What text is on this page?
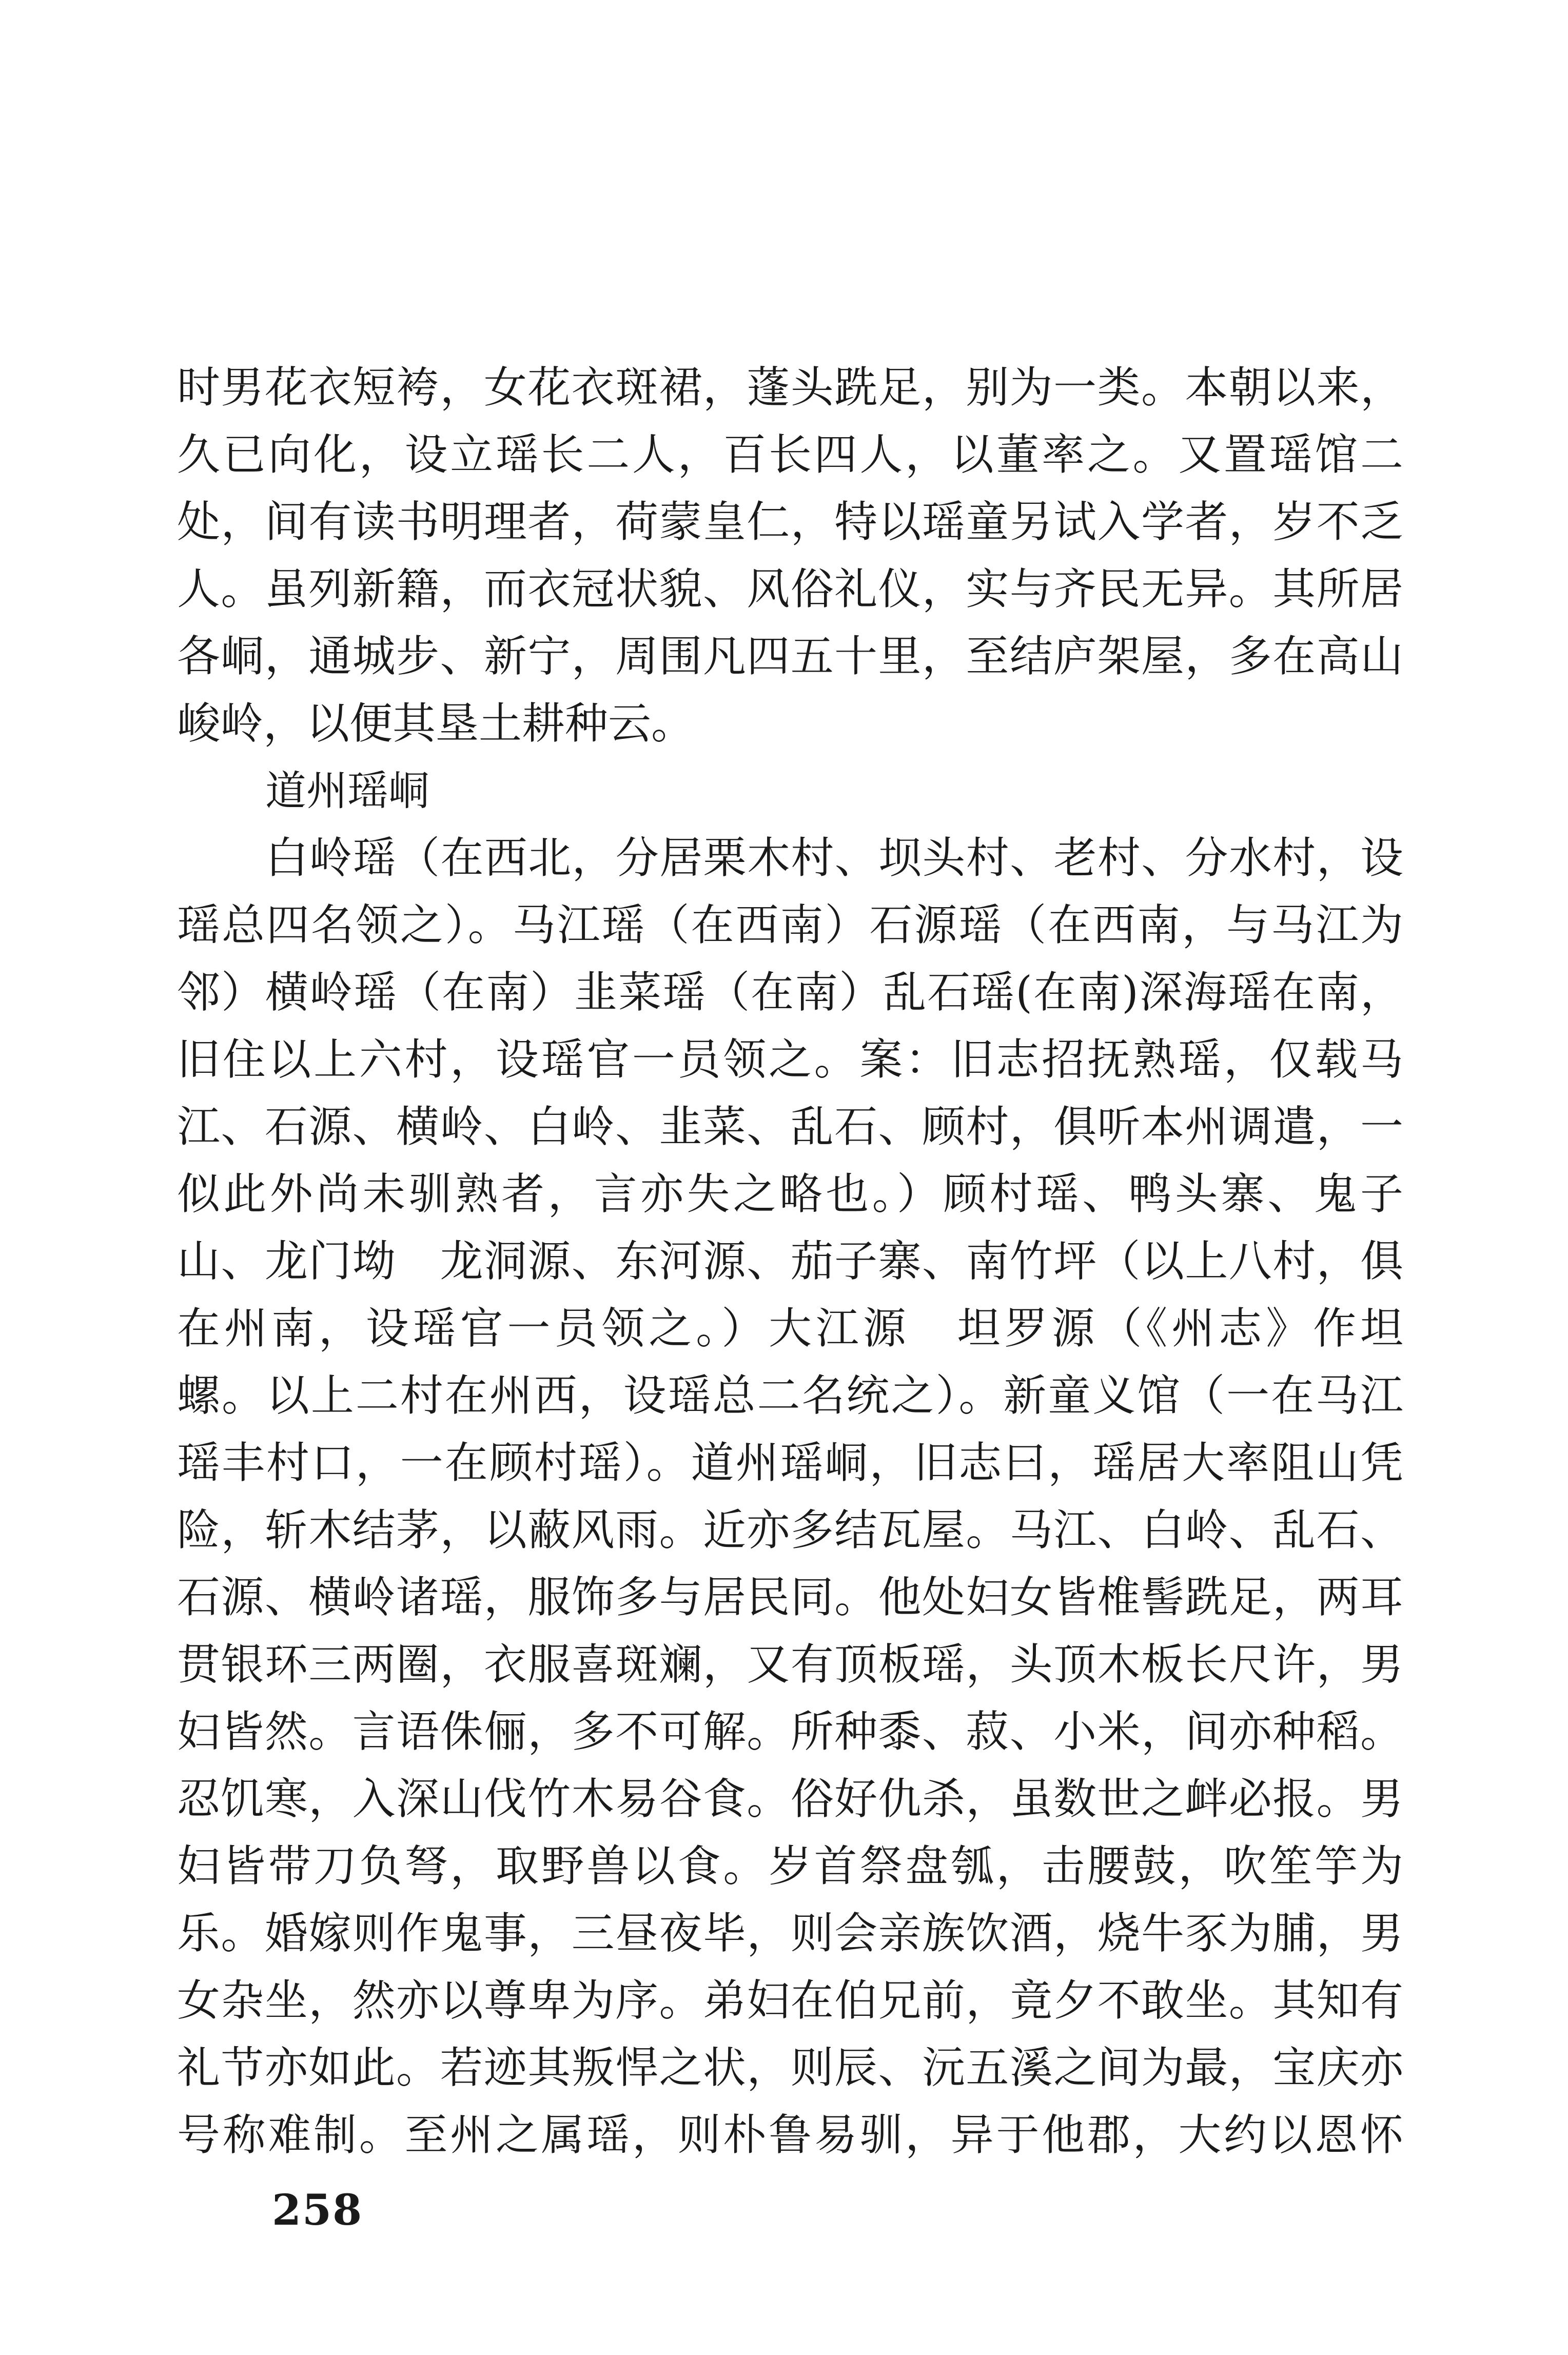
时男花衣短袴，女花衣斑裙，蓬头跣足，别为一类。本朝以来，
久已向化，设立瑶长二人，百长四人，以董率之。又置瑶馆二
处，间有读书明理者，荷蒙皇仁，特以瑶童另试入学者，岁不乏
人。虽列新籍，而衣冠状貌、风俗礼仪，实与齐民无异。其所居
各峒，通城步、新宁，周围凡四五十里，至结庐架屋，多在高山
峻岭，以便其垦土耕种云。
道州瑶峒
白岭瑶（在西北，分居栗木村、坝头村、老村、分水村，设
瑶总四名领之）。马江瑶（在西南）石源瑶（在西南，与马江为
邻）横岭瑶（在南）韭菜瑶（在南）乱石瑶(在南)深海瑶在南，
旧住以上六村，设瑶官一员领之。案：旧志招抚熟瑶，仅载马
江、石源、横岭、白岭、韭菜、乱石、顾村，俱听本州调遣，一
似此外尚未驯熟者，言亦失之略也。）顾村瑶、鸭头寨、鬼子
山、龙门坳　龙洞源、东河源、茄子寨、南竹坪（以上八村，俱
在州南，设瑶官一员领之。）大江源　坦罗源（《州志》作坦
螺。以上二村在州西，设瑶总二名统之）。新童义馆（一在马江
瑶丰村口，一在顾村瑶）。道州瑶峒，旧志曰，瑶居大率阻山凭
险，斩木结茅，以蔽风雨。近亦多结瓦屋。马江、白岭、乱石、
石源、横岭诸瑶，服饰多与居民同。他处妇女皆椎髻跣足，两耳
贯银环三两圈，衣服喜斑斓，又有顶板瑶，头顶木板长尺许，男
妇皆然。言语侏俪，多不可解。所种黍、菽、小米，间亦种稻。
忍饥寒，入深山伐竹木易谷食。俗好仇杀，虽数世之衅必报。男
妇皆带刀负弩，取野兽以食。岁首祭盘瓠，击腰鼓，吹笙竽为
乐。婚嫁则作鬼事，三昼夜毕，则会亲族饮酒，烧牛豕为脯，男
女杂坐，然亦以尊卑为序。弟妇在伯兄前，竟夕不敢坐。其知有
礼节亦如此。若迹其叛悍之状，则辰、沅五溪之间为最，宝庆亦
号称难制。至州之属瑶，则朴鲁易驯，异于他郡，大约以恩怀
258
